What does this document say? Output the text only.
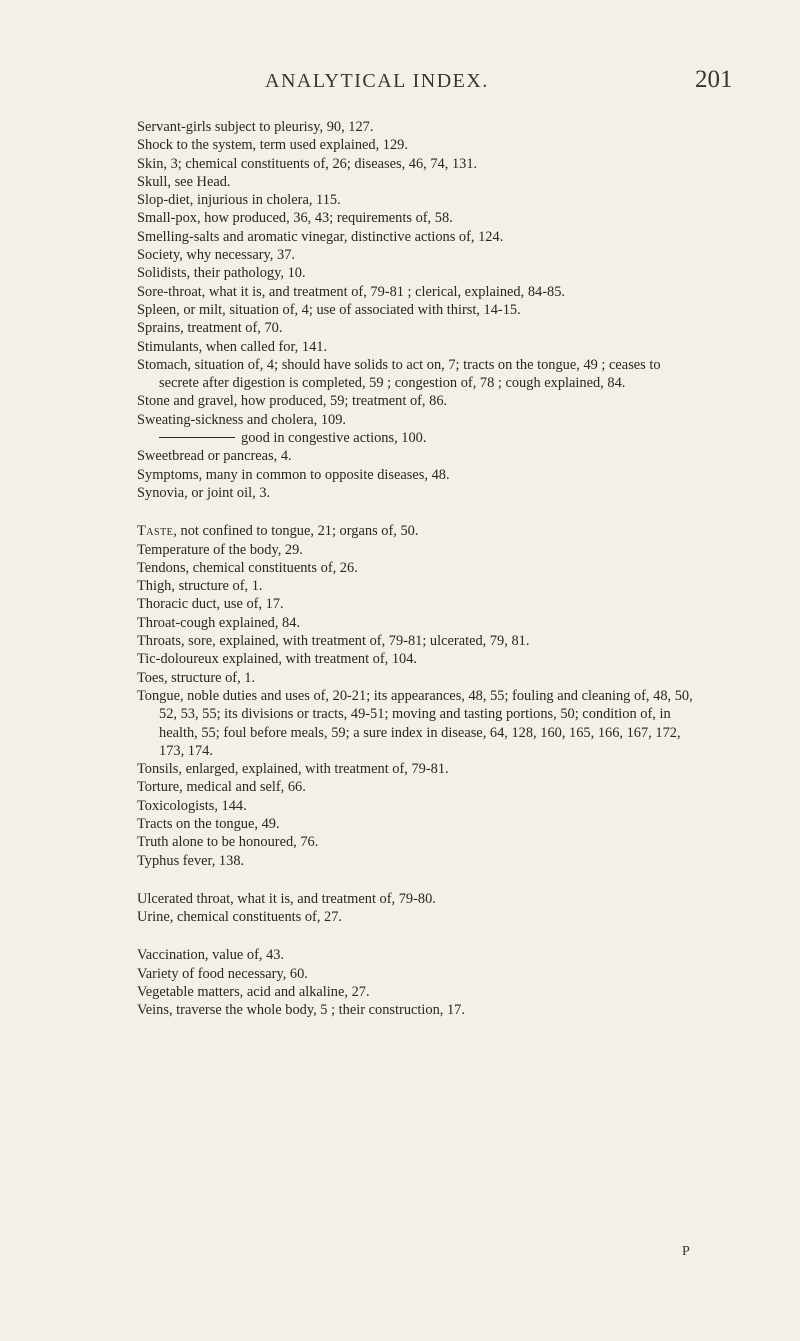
ANALYTICAL INDEX.	201
Servant-girls subject to pleurisy, 90, 127.
Shock to the system, term used explained, 129.
Skin, 3; chemical constituents of, 26; diseases, 46, 74, 131.
Skull, see Head.
Slop-diet, injurious in cholera, 115.
Small-pox, how produced, 36, 43; requirements of, 58.
Smelling-salts and aromatic vinegar, distinctive actions of, 124.
Society, why necessary, 37.
Solidists, their pathology, 10.
Sore-throat, what it is, and treatment of, 79-81 ; clerical, explained, 84-85.
Spleen, or milt, situation of, 4; use of associated with thirst, 14-15.
Sprains, treatment of, 70.
Stimulants, when called for, 141.
Stomach, situation of, 4; should have solids to act on, 7; tracts on the tongue, 49 ; ceases to secrete after digestion is completed, 59 ; congestion of, 78 ; cough explained, 84.
Stone and gravel, how produced, 59; treatment of, 86.
Sweating-sickness and cholera, 109.
good in congestive actions, 100.
Sweetbread or pancreas, 4.
Symptoms, many in common to opposite diseases, 48.
Synovia, or joint oil, 3.
Taste, not confined to tongue, 21; organs of, 50.
Temperature of the body, 29.
Tendons, chemical constituents of, 26.
Thigh, structure of, 1.
Thoracic duct, use of, 17.
Throat-cough explained, 84.
Throats, sore, explained, with treatment of, 79-81; ulcerated, 79, 81.
Tic-doloureux explained, with treatment of, 104.
Toes, structure of, 1.
Tongue, noble duties and uses of, 20-21; its appearances, 48, 55; fouling and cleaning of, 48, 50, 52, 53, 55; its divisions or tracts, 49-51; moving and tasting portions, 50; condition of, in health, 55; foul before meals, 59; a sure index in disease, 64, 128, 160, 165, 166, 167, 172, 173, 174.
Tonsils, enlarged, explained, with treatment of, 79-81.
Torture, medical and self, 66.
Toxicologists, 144.
Tracts on the tongue, 49.
Truth alone to be honoured, 76.
Typhus fever, 138.
Ulcerated throat, what it is, and treatment of, 79-80.
Urine, chemical constituents of, 27.
Vaccination, value of, 43.
Variety of food necessary, 60.
Vegetable matters, acid and alkaline, 27.
Veins, traverse the whole body, 5 ; their construction, 17.
P
